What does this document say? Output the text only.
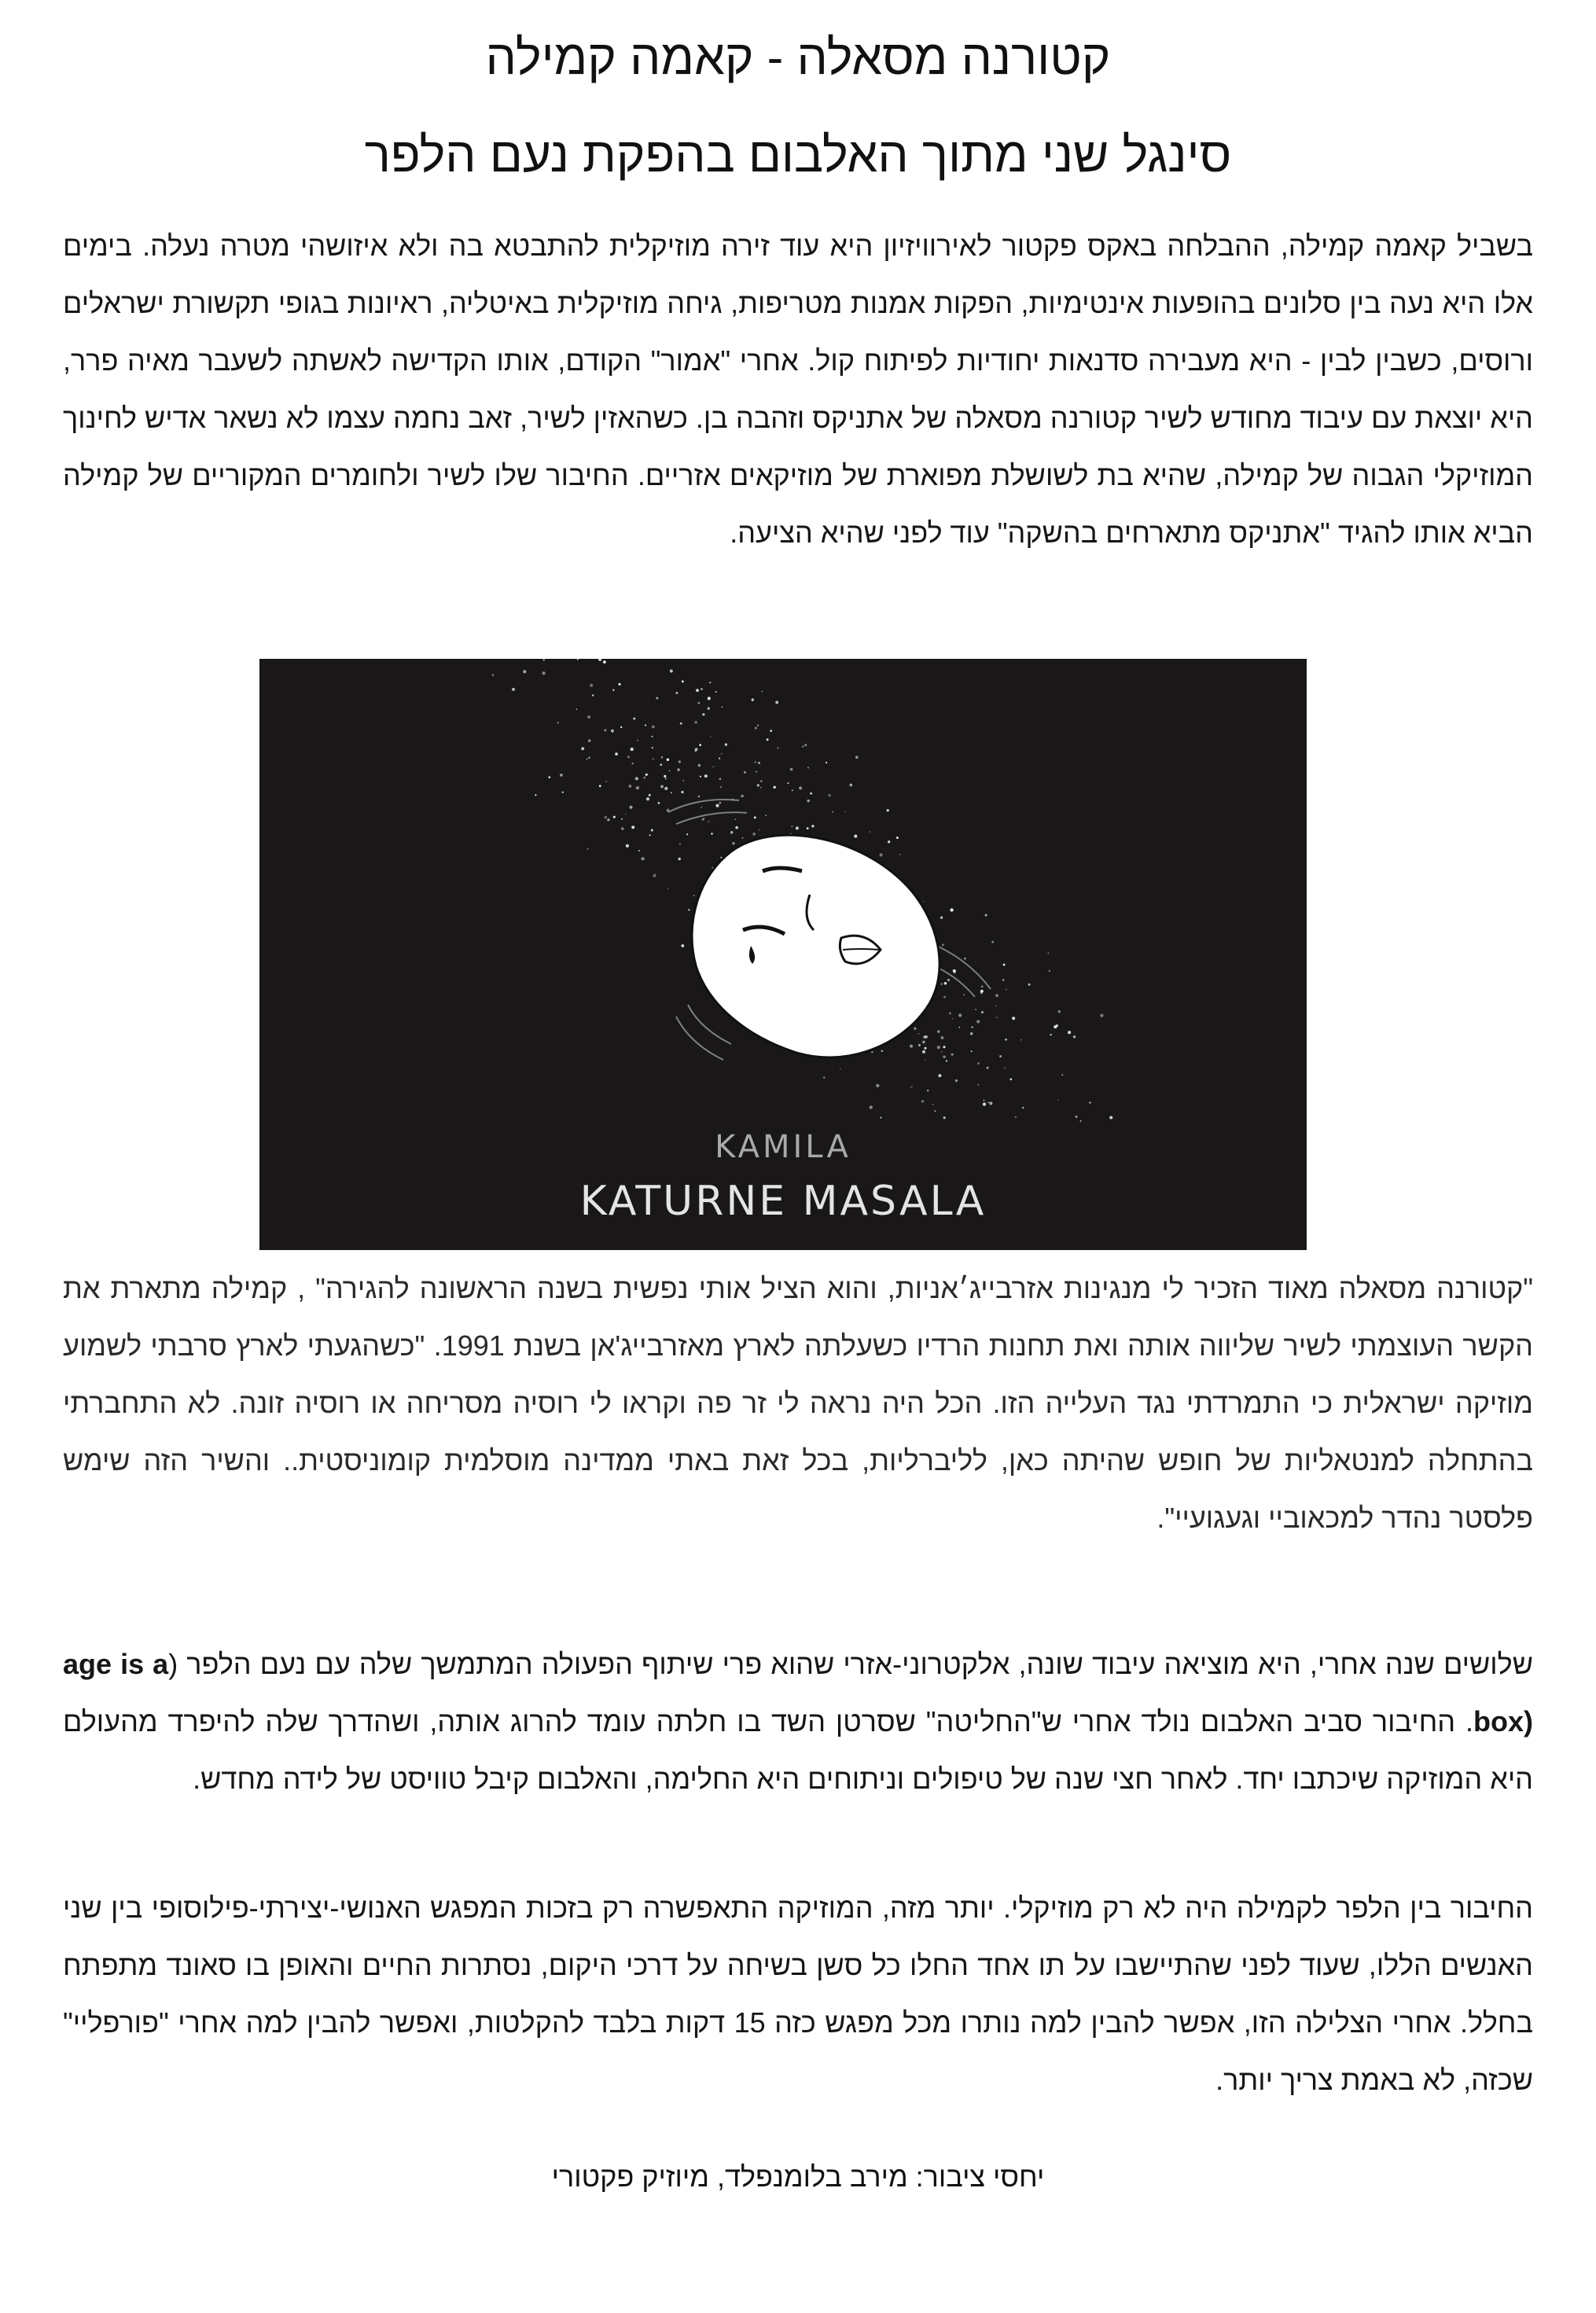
קטורנה מסאלה - קאמה קמילה
סינגל שני מתוך האלבום בהפקת נעם הלפר

בשביל קאמה קמילה, ההבלחה באקס פקטור לאירוויזיון היא עוד זירה מוזיקלית להתבטא בה ולא איזושהי מטרה נעלה. בימים אלו היא נעה בין סלונים בהופעות אינטימיות, הפקות אמנות מטריפות, גיחה מוזיקלית באיטליה, ראיונות בגופי תקשורת ישראלים ורוסים, כשבין לבין - היא מעבירה סדנאות יחודיות לפיתוח קול. אחרי "אמור" הקודם, אותו הקדישה לאשתה לשעבר מאיה פרר, היא יוצאת עם עיבוד מחודש לשיר קטורנה מסאלה של אתניקס וזהבה בן. כשהאזין לשיר, זאב נחמה עצמו לא נשאר אדיש לחינוך המוזיקלי הגבוה של קמילה, שהיא בת לשושלת מפוארת של מוזיקאים אזריים. החיבור שלו לשיר ולחומרים המקוריים של קמילה הביא אותו להגיד "אתניקס מתארחים בהשקה" עוד לפני שהיא הציעה.

KAMILA
KATURNE MASALA

"קטורנה מסאלה מאוד הזכיר לי מנגינות אזרבייג׳אניות, והוא הציל אותי נפשית בשנה הראשונה להגירה" , קמילה מתארת את הקשר העוצמתי לשיר שליווה אותה ואת תחנות הרדיו כשעלתה לארץ מאזרבייג'אן בשנת 1991. "כשהגעתי לארץ סרבתי לשמוע מוזיקה ישראלית כי התמרדתי נגד העלייה הזו. הכל היה נראה לי זר פה וקראו לי רוסיה מסריחה או רוסיה זונה. לא התחברתי בהתחלה למנטאליות של חופש שהיתה כאן, לליברליות, בכל זאת באתי ממדינה מוסלמית קומוניסטית.. והשיר הזה שימש פלסטר נהדר למכאוביי וגעגועיי".

שלושים שנה אחרי, היא מוציאה עיבוד שונה, אלקטרוני-אזרי שהוא פרי שיתוף הפעולה המתמשך שלה עם נעם הלפר (age is a box). החיבור סביב האלבום נולד אחרי ש"החליטה" שסרטן השד בו חלתה עומד להרוג אותה, ושהדרך שלה להיפרד מהעולם היא המוזיקה שיכתבו יחד. לאחר חצי שנה של טיפולים וניתוחים היא החלימה, והאלבום קיבל טוויסט של לידה מחדש.

החיבור בין הלפר לקמילה היה לא רק מוזיקלי. יותר מזה, המוזיקה התאפשרה רק בזכות המפגש האנושי-יצירתי-פילוסופי בין שני האנשים הללו, שעוד לפני שהתיישבו על תו אחד החלו כל סשן בשיחה על דרכי היקום, נסתרות החיים והאופן בו סאונד מתפתח בחלל. אחרי הצלילה הזו, אפשר להבין למה נותרו מכל מפגש כזה 15 דקות בלבד להקלטות, ואפשר להבין למה אחרי "פורפליי" שכזה, לא באמת צריך יותר.

יחסי ציבור: מירב בלומנפלד, מיוזיק פקטורי
